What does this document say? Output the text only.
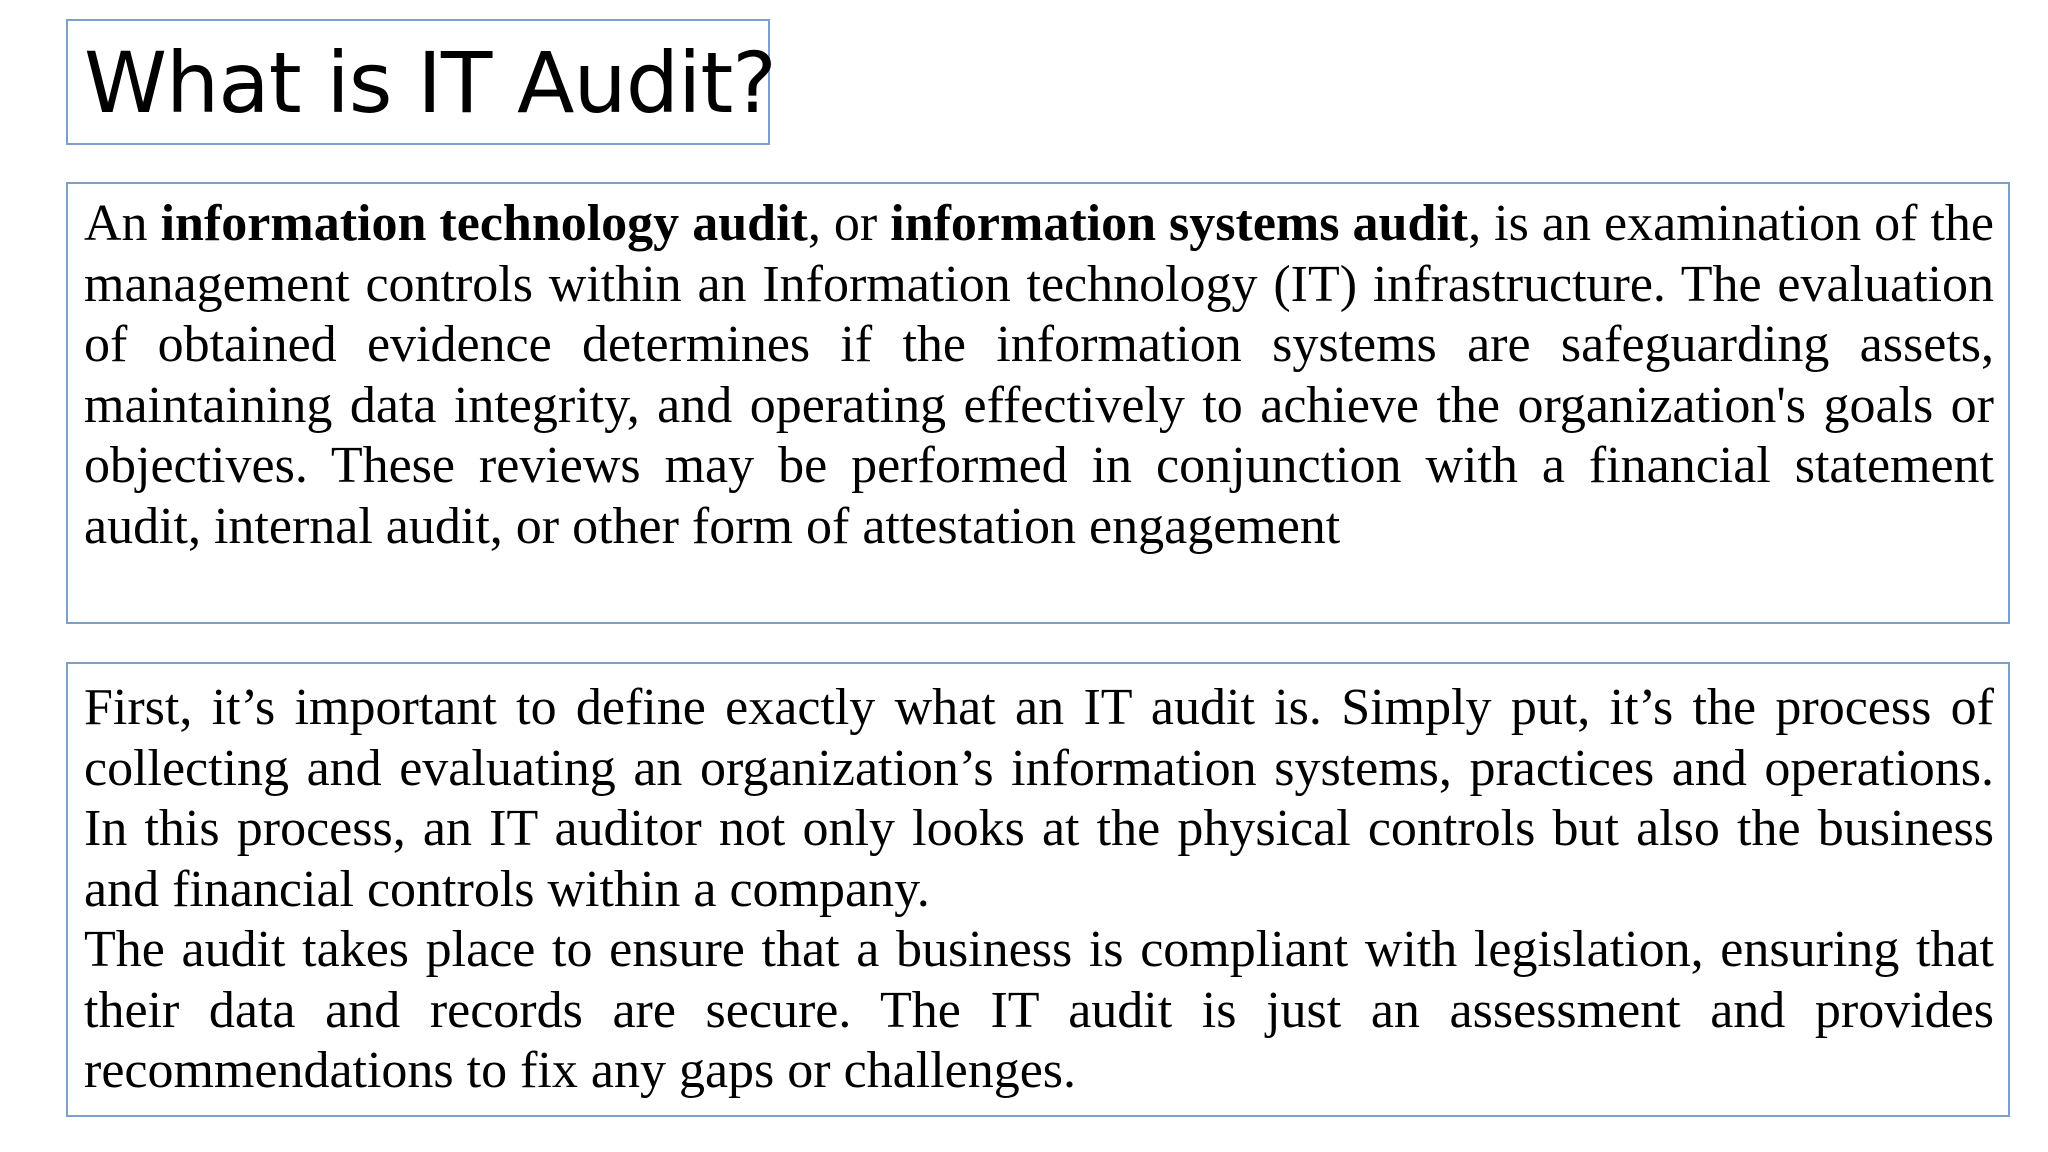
What is IT Audit?

An information technology audit, or information systems audit, is an examination of the management controls within an Information technology (IT) infrastructure. The evaluation of obtained evidence determines if the information systems are safeguarding assets, maintaining data integrity, and operating effectively to achieve the organization's goals or objectives. These reviews may be performed in conjunction with a financial statement audit, internal audit, or other form of attestation engagement

First, it’s important to define exactly what an IT audit is. Simply put, it’s the process of collecting and evaluating an organization’s information systems, practices and operations. In this process, an IT auditor not only looks at the physical controls but also the business and financial controls within a company.

The audit takes place to ensure that a business is compliant with legislation, ensuring that their data and records are secure. The IT audit is just an assessment and provides recommendations to fix any gaps or challenges.
